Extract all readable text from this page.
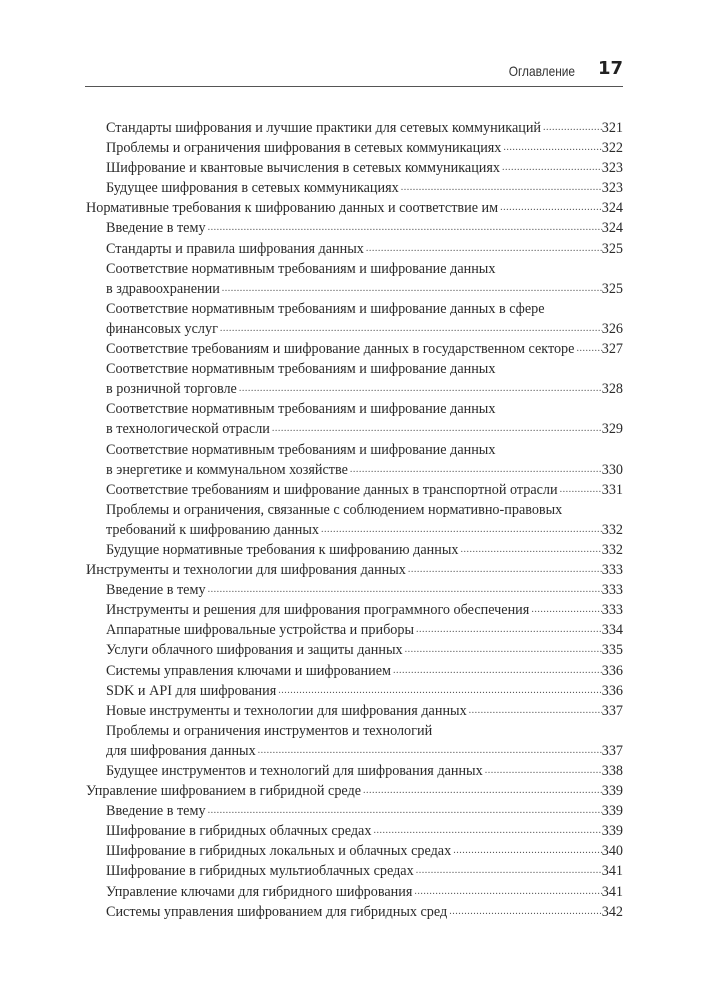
Оглавление 17
Стандарты шифрования и лучшие практики для сетевых коммуникаций .....	321
Проблемы и ограничения шифрования в сетевых коммуникациях .....	322
Шифрование и квантовые вычисления в сетевых коммуникациях .....	323
Будущее шифрования в сетевых коммуникациях .....	323
Нормативные требования к шифрованию данных и соответствие им .....	324
Введение в тему .....	324
Стандарты и правила шифрования данных .....	325
Соответствие нормативным требованиям и шифрование данных
в здравоохранении .....	325
Соответствие нормативным требованиям и шифрование данных в сфере
финансовых услуг .....	326
Соответствие требованиям и шифрование данных в государственном секторе ..... 327
Соответствие нормативным требованиям и шифрование данных
в розничной торговле .....	328
Соответствие нормативным требованиям и шифрование данных
в технологической отрасли .....	329
Соответствие нормативным требованиям и шифрование данных
в энергетике и коммунальном хозяйстве .....	330
Соответствие требованиям и шифрование данных в транспортной отрасли .....	331
Проблемы и ограничения, связанные с соблюдением нормативно-правовых
требований к шифрованию данных .....	332
Будущие нормативные требования к шифрованию данных .....	332
Инструменты и технологии для шифрования данных .....	333
Введение в тему .....	333
Инструменты и решения для шифрования программного обеспечения .....	333
Аппаратные шифровальные устройства и приборы .....	334
Услуги облачного шифрования и защиты данных .....	335
Системы управления ключами и шифрованием .....	336
SDK и API для шифрования .....	336
Новые инструменты и технологии для шифрования данных .....	337
Проблемы и ограничения инструментов и технологий
для шифрования данных .....	337
Будущее инструментов и технологий для шифрования данных .....	338
Управление шифрованием в гибридной среде .....	339
Введение в тему .....	339
Шифрование в гибридных облачных средах .....	339
Шифрование в гибридных локальных и облачных средах .....	340
Шифрование в гибридных мультиоблачных средах .....	341
Управление ключами для гибридного шифрования .....	341
Системы управления шифрованием для гибридных сред .....	342
